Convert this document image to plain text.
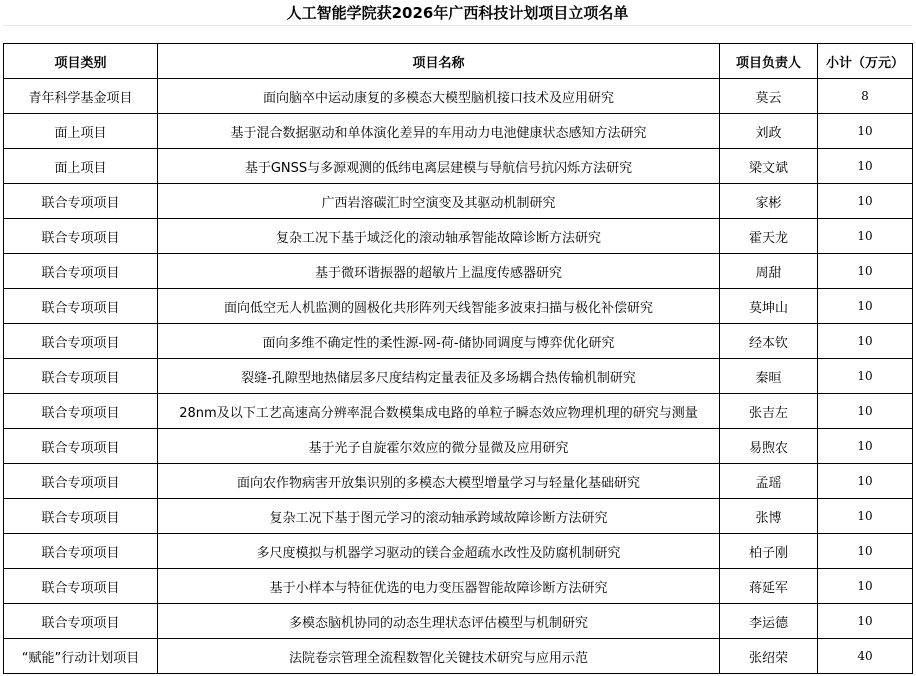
人工智能学院获2026年广西科技计划项目立项名单
项目类别	项目名称	项目负责人	小计（万元）
青年科学基金项目	面向脑卒中运动康复的多模态大模型脑机接口技术及应用研究	莫云	8
面上项目	基于混合数据驱动和单体演化差异的车用动力电池健康状态感知方法研究	刘政	10
面上项目	基于GNSS与多源观测的低纬电离层建模与导航信号抗闪烁方法研究	梁文斌	10
联合专项项目	广西岩溶碳汇时空演变及其驱动机制研究	家彬	10
联合专项项目	复杂工况下基于域泛化的滚动轴承智能故障诊断方法研究	霍天龙	10
联合专项项目	基于微环谐振器的超敏片上温度传感器研究	周甜	10
联合专项项目	面向低空无人机监测的圆极化共形阵列天线智能多波束扫描与极化补偿研究	莫坤山	10
联合专项项目	面向多维不确定性的柔性源-网-荷-储协同调度与博弈优化研究	经本钦	10
联合专项项目	裂缝-孔隙型地热储层多尺度结构定量表征及多场耦合热传输机制研究	秦晅	10
联合专项项目	28nm及以下工艺高速高分辨率混合数模集成电路的单粒子瞬态效应物理机理的研究与测量	张吉左	10
联合专项项目	基于光子自旋霍尔效应的微分显微及应用研究	易煦农	10
联合专项项目	面向农作物病害开放集识别的多模态大模型增量学习与轻量化基础研究	孟瑶	10
联合专项项目	复杂工况下基于图元学习的滚动轴承跨域故障诊断方法研究	张博	10
联合专项项目	多尺度模拟与机器学习驱动的镁合金超疏水改性及防腐机制研究	柏子刚	10
联合专项项目	基于小样本与特征优选的电力变压器智能故障诊断方法研究	蒋延军	10
联合专项项目	多模态脑机协同的动态生理状态评估模型与机制研究	李运德	10
“赋能”行动计划项目	法院卷宗管理全流程数智化关键技术研究与应用示范	张绍荣	40
